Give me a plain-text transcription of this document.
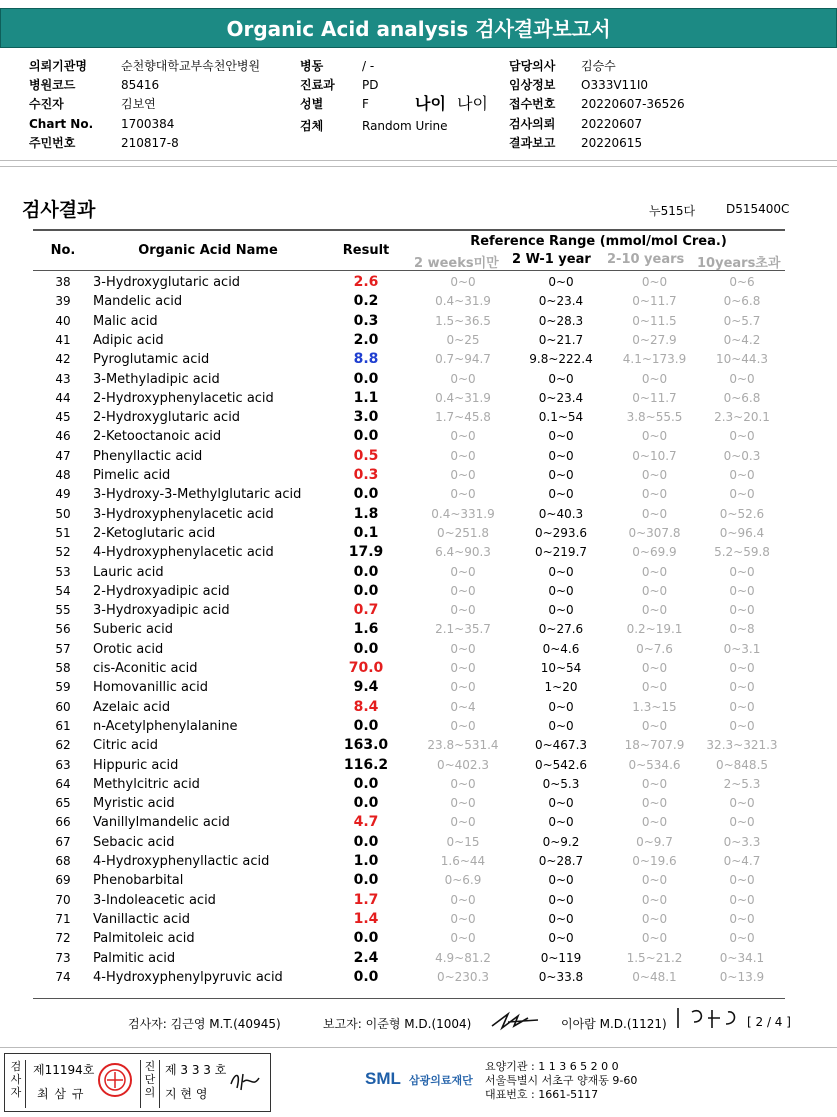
Organic Acid analysis 검사결과보고서
의뢰기관명	순천향대학교부속천안병원
병원코드	85416
수진자	김보연
Chart No. 1700384
주민번호	210817-8
병동	/ -
진료과 PD
성별	F
검체	Random Urine
나이 나이
담당의사 김승수
임상정보 O333V11I0
접수번호 20220607-36526
검사의뢰 20220607
결과보고 20220615
검사결과	누515다	D515400C
No.	Organic Acid Name	Result
Reference Range (mmol/mol Crea.)
2 weeks미만 2 W-1 year 2-10 years 10years초과
38	3-Hydroxyglutaric acid	2.6	0~0	0~0	0~0	0~6
39	Mandelic acid	0.2	0.4~31.9	0~23.4	0~11.7	0~6.8
40	Malic acid	0.3	1.5~36.5	0~28.3	0~11.5	0~5.7
41	Adipic acid	2.0	0~25	0~21.7	0~27.9	0~4.2
42	Pyroglutamic acid	8.8	0.7~94.7	9.8~222.4	4.1~173.9	10~44.3
43	3-Methyladipic acid	0.0	0~0	0~0	0~0	0~0
44	2-Hydroxyphenylacetic acid	1.1	0.4~31.9	0~23.4	0~11.7	0~6.8
45	2-Hydroxyglutaric acid	3.0	1.7~45.8	0.1~54	3.8~55.5	2.3~20.1
46	2-Ketooctanoic acid	0.0	0~0	0~0	0~0	0~0
47	Phenyllactic acid	0.5	0~0	0~0	0~10.7	0~0.3
48	Pimelic acid	0.3	0~0	0~0	0~0	0~0
49	3-Hydroxy-3-Methylglutaric acid	0.0	0~0	0~0	0~0	0~0
50	3-Hydroxyphenylacetic acid	1.8	0.4~331.9	0~40.3	0~0	0~52.6
51	2-Ketoglutaric acid	0.1	0~251.8	0~293.6	0~307.8	0~96.4
52	4-Hydroxyphenylacetic acid	17.9	6.4~90.3	0~219.7	0~69.9	5.2~59.8
53	Lauric acid	0.0	0~0	0~0	0~0	0~0
54	2-Hydroxyadipic acid	0.0	0~0	0~0	0~0	0~0
55	3-Hydroxyadipic acid	0.7	0~0	0~0	0~0	0~0
56	Suberic acid	1.6	2.1~35.7	0~27.6	0.2~19.1	0~8
57	Orotic acid	0.0	0~0	0~4.6	0~7.6	0~3.1
58	cis-Aconitic acid	70.0	0~0	10~54	0~0	0~0
59	Homovanillic acid	9.4	0~0	1~20	0~0	0~0
60	Azelaic acid	8.4	0~4	0~0	1.3~15	0~0
61	n-Acetylphenylalanine	0.0	0~0	0~0	0~0	0~0
62	Citric acid	163.0	23.8~531.4	0~467.3	18~707.9	32.3~321.3
63	Hippuric acid	116.2	0~402.3	0~542.6	0~534.6	0~848.5
64	Methylcitric acid	0.0	0~0	0~5.3	0~0	2~5.3
65	Myristic acid	0.0	0~0	0~0	0~0	0~0
66	Vanillylmandelic acid	4.7	0~0	0~0	0~0	0~0
67	Sebacic acid	0.0	0~15	0~9.2	0~9.7	0~3.3
68	4-Hydroxyphenyllactic acid	1.0	1.6~44	0~28.7	0~19.6	0~4.7
69	Phenobarbital	0.0	0~6.9	0~0	0~0	0~0
70	3-Indoleacetic acid	1.7	0~0	0~0	0~0	0~0
71	Vanillactic acid	1.4	0~0	0~0	0~0	0~0
72	Palmitoleic acid	0.0	0~0	0~0	0~0	0~0
73	Palmitic acid	2.4	4.9~81.2	0~119	1.5~21.2	0~34.1
74	4-Hydroxyphenylpyruvic acid	0.0	0~230.3	0~33.8	0~48.1	0~13.9
검사자: 김근영 M.T.(40945)	보고자: 이준형 M.D.(1004)	이아람 M.D.(1121)	[ 2 / 4 ]
검사자
제11194호
최 삼 규
진단의
제 3 3 3 호
지 현 영
SML 삼광의료재단
요양기관 : 1 1 3 6 5 2 0 0
서울특별시 서초구 양재동 9-60
대표번호 : 1661-5117
